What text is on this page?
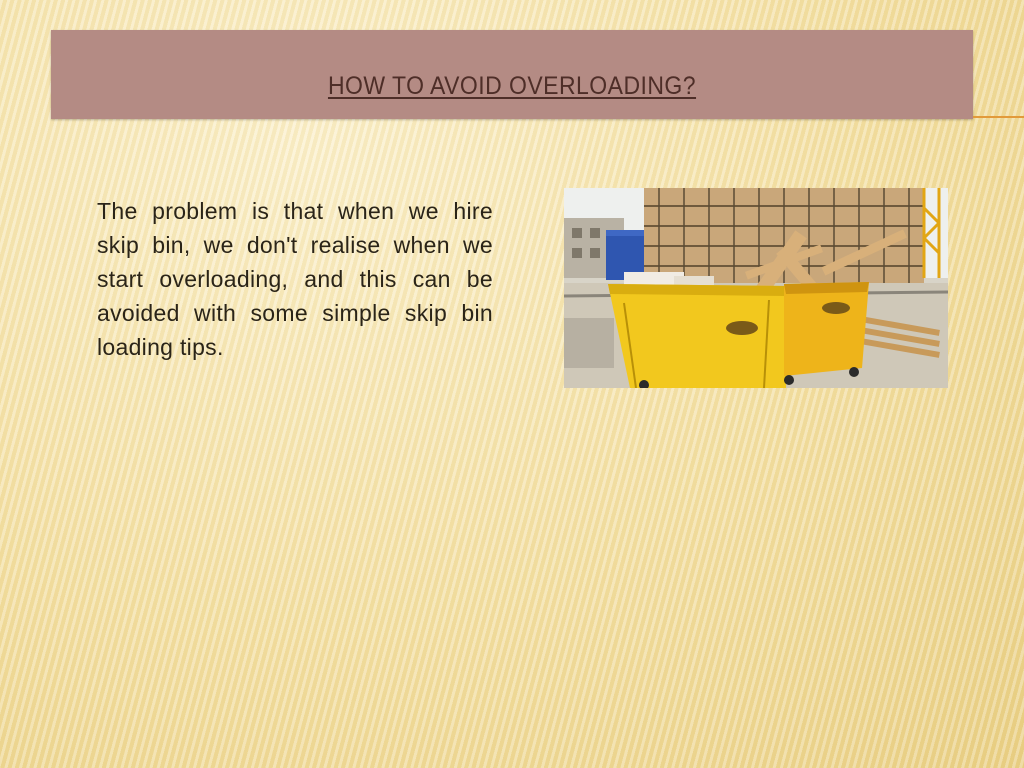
HOW TO AVOID OVERLOADING?
The problem is that when we hire skip bin, we don't realise when we start overloading, and this can be avoided with some simple skip bin loading tips.
